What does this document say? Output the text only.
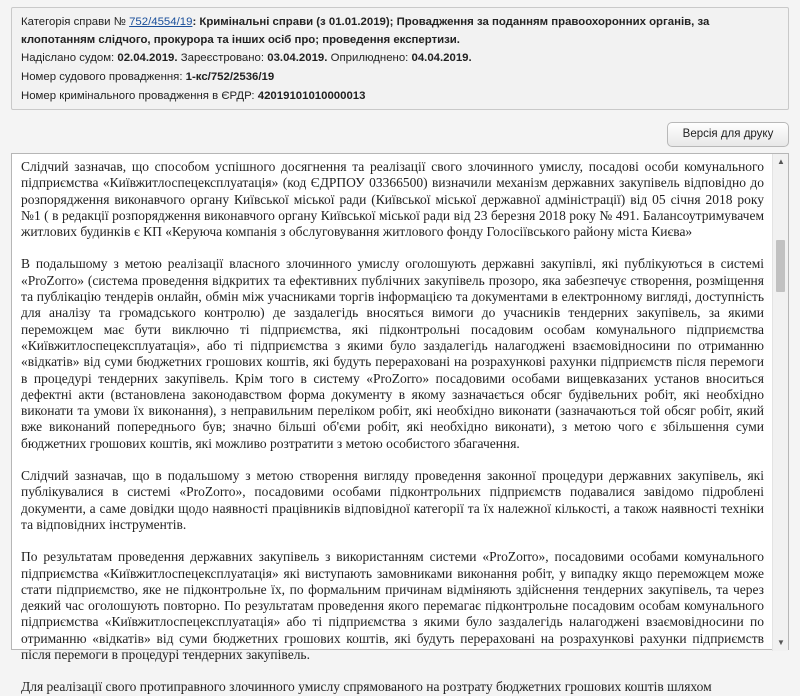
Категорія справи № 752/4554/19: Кримінальні справи (з 01.01.2019); Провадження за поданням правоохоронних органів, за клопотанням слідчого, прокурора та інших осіб про; проведення експертизи.
Надіслано судом: 02.04.2019. Зареєстровано: 03.04.2019. Оприлюднено: 04.04.2019.
Номер судового провадження: 1-кс/752/2536/19
Номер кримінального провадження в ЄРДР: 42019101010000013
Версія для друку

Слідчий зазначав, що способом успішного досягнення та реалізації свого злочинного умислу, посадові особи комунального підприємства «Київжитлоспецексплуатація» (код ЄДРПОУ 03366500) визначили механізм державних закупівель відповідно до розпорядження виконавчого органу Київської міської ради (Київської міської державної адміністрації) від 05 січня 2018 року №1 ( в редакції розпорядження виконавчого органу Київської міської ради від 23 березня 2018 року № 491. Балансоутримувачем житлових будинків є КП «Керуюча компанія з обслуговування житлового фонду Голосіївського району міста Києва»

В подальшому з метою реалізації власного злочинного умислу оголошують державні закупівлі, які публікуються в системі «ProZorro» (система проведення відкритих та ефективних публічних закупівель прозоро, яка забезпечує створення, розміщення та публікацію тендерів онлайн, обмін між учасниками торгів інформацією та документами в електронному вигляді, доступність для аналізу та громадського контролю) де заздалегідь вносяться вимоги до учасників тендерних закупівель, за якими переможцем має бути виключно ті підприємства, які підконтрольні посадовим особам комунального підприємства «Київжитлоспецексплуатація», або ті підприємства з якими було заздалегідь налагоджені взаємовідносини по отриманню «відкатів» від суми бюджетних грошових коштів, які будуть перераховані на розрахункові рахунки підприємств після перемоги в процедурі тендерних закупівель. Крім того в систему «ProZorro» посадовими особами вищевказаних установ вноситься дефектні акти (встановлена законодавством форма документу в якому зазначається обсяг будівельних робіт, які необхідно виконати та умови їх виконання), з неправильним переліком робіт, які необхідно виконати (зазначаються той обсяг робіт, який вже виконаний попереднього був; значно більші об'єми робіт, які необхідно виконати), з метою чого є збільшення суми бюджетних грошових коштів, які можливо розтратити з метою особистого збагачення.

Слідчий зазначав, що в подальшому з метою створення вигляду проведення законної процедури державних закупівель, які публікувалися в системі «ProZorro», посадовими особами підконтрольних підприємств подавалися завідомо підроблені документи, а саме довідки щодо наявності працівників відповідної категорії та їх належної кількості, а також наявності техніки та відповідних інструментів.

По результатам проведення державних закупівель з використанням системи «ProZorro», посадовими особами комунального підприємства «Київжитлоспецексплуатація» які виступають замовниками виконання робіт, у випадку якщо переможцем може стати підприємство, яке не підконтрольне їх, по формальним причинам відміняють здійснення тендерних закупівель, та через деякий час оголошують повторно. По результатам проведення якого перемагає підконтрольне посадовим особам комунального підприємства «Київжитлоспецексплуатація» або ті підприємства з якими було заздалегідь налагоджені взаємовідносини по отриманню «відкатів» від суми бюджетних грошових коштів, які будуть перераховані на розрахункові рахунки підприємств після перемоги в процедурі тендерних закупівель.

Для реалізації свого протиправного злочинного умислу спрямованого на розтрату бюджетних грошових коштів шляхом

▲
▼
